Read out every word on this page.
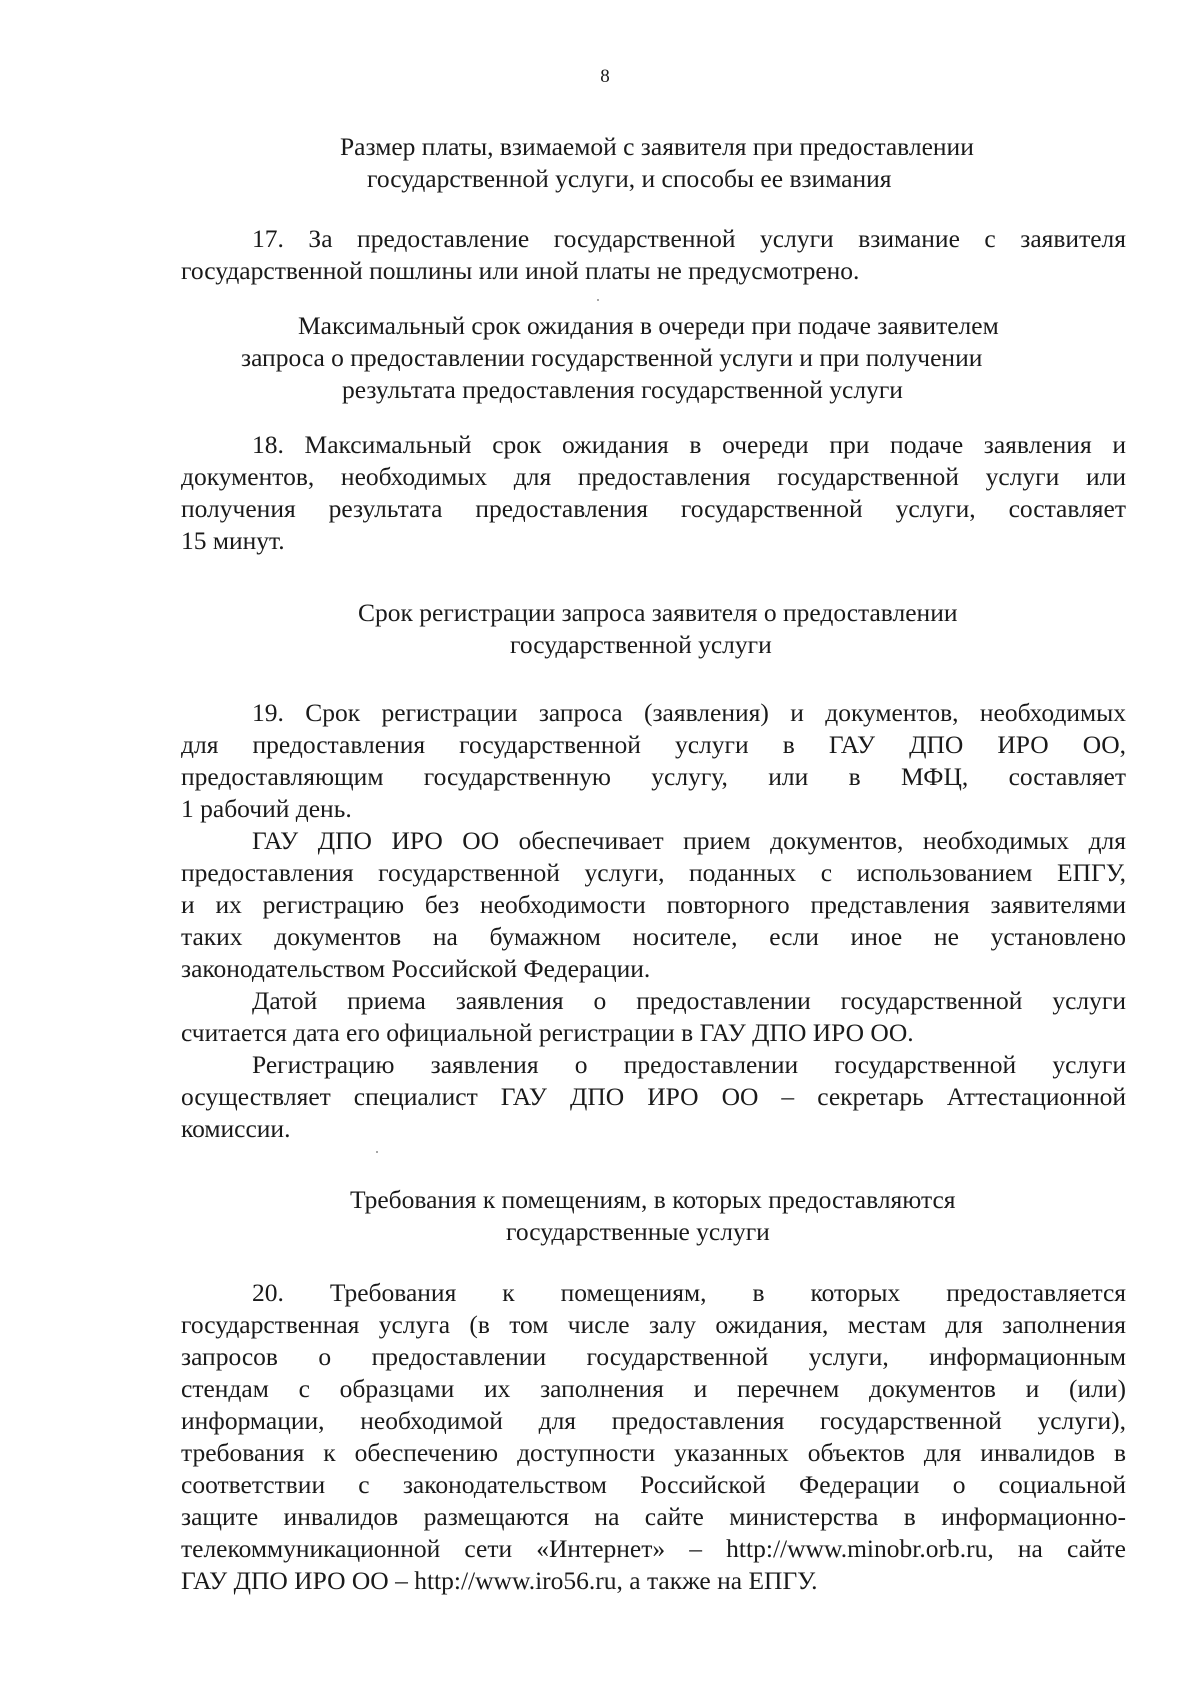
8
Размер платы, взимаемой с заявителя при предоставлении
государственной услуги, и способы ее взимания
17. За предоставление государственной услуги взимание с заявителя
государственной пошлины или иной платы не предусмотрено.
Максимальный срок ожидания в очереди при подаче заявителем
запроса о предоставлении государственной услуги и при получении
результата предоставления государственной услуги
18. Максимальный срок ожидания в очереди при подаче заявления и
документов, необходимых для предоставления государственной услуги или
получения результата предоставления государственной услуги, составляет
15 минут.
Срок регистрации запроса заявителя о предоставлении
государственной услуги
19. Срок регистрации запроса (заявления) и документов, необходимых
для предоставления государственной услуги в ГАУ ДПО ИРО ОО,
предоставляющим государственную услугу, или в МФЦ, составляет
1 рабочий день.
ГАУ ДПО ИРО ОО обеспечивает прием документов, необходимых для
предоставления государственной услуги, поданных с использованием ЕПГУ,
и их регистрацию без необходимости повторного представления заявителями
таких документов на бумажном носителе, если иное не установлено
законодательством Российской Федерации.
Датой приема заявления о предоставлении государственной услуги
считается дата его официальной регистрации в ГАУ ДПО ИРО ОО.
Регистрацию заявления о предоставлении государственной услуги
осуществляет специалист ГАУ ДПО ИРО ОО – секретарь Аттестационной
комиссии.
Требования к помещениям, в которых предоставляются
государственные услуги
20. Требования к помещениям, в которых предоставляется
государственная услуга (в том числе залу ожидания, местам для заполнения
запросов о предоставлении государственной услуги, информационным
стендам с образцами их заполнения и перечнем документов и (или)
информации, необходимой для предоставления государственной услуги),
требования к обеспечению доступности указанных объектов для инвалидов в
соответствии с законодательством Российской Федерации о социальной
защите инвалидов размещаются на сайте министерства в информационно-
телекоммуникационной сети «Интернет» – http://www.minobr.orb.ru, на сайте
ГАУ ДПО ИРО ОО – http://www.iro56.ru, а также на ЕПГУ.
